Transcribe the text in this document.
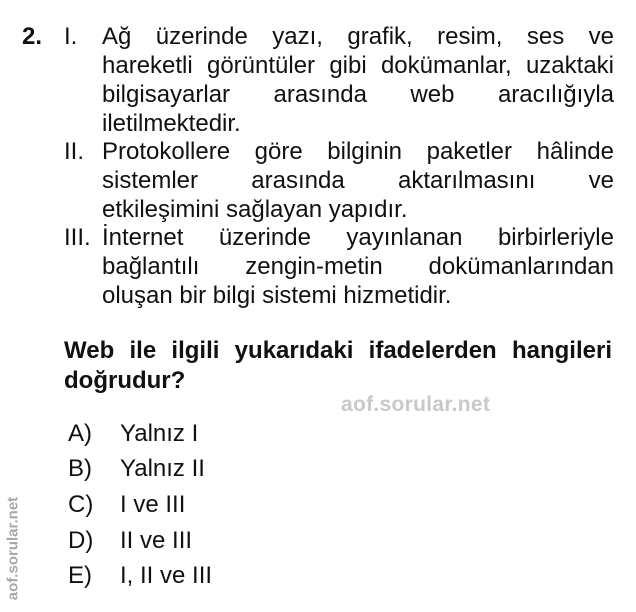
2. I. Ağ üzerinde yazı, grafik, resim, ses ve
hareketli görüntüler gibi dokümanlar, uzaktaki
bilgisayarlar arasında web aracılığıyla
iletilmektedir.
II. Protokollere göre bilginin paketler hâlinde
sistemler arasında aktarılmasını ve
etkileşimini sağlayan yapıdır.
III. İnternet üzerinde yayınlanan birbirleriyle
bağlantılı zengin-metin dokümanlarından
oluşan bir bilgi sistemi hizmetidir.
Web ile ilgili yukarıdaki ifadelerden hangileri
doğrudur?
aof.sorular.net
aof.sorular.net
A) Yalnız I
B) Yalnız II
C) I ve III
D) II ve III
E) I, II ve III
